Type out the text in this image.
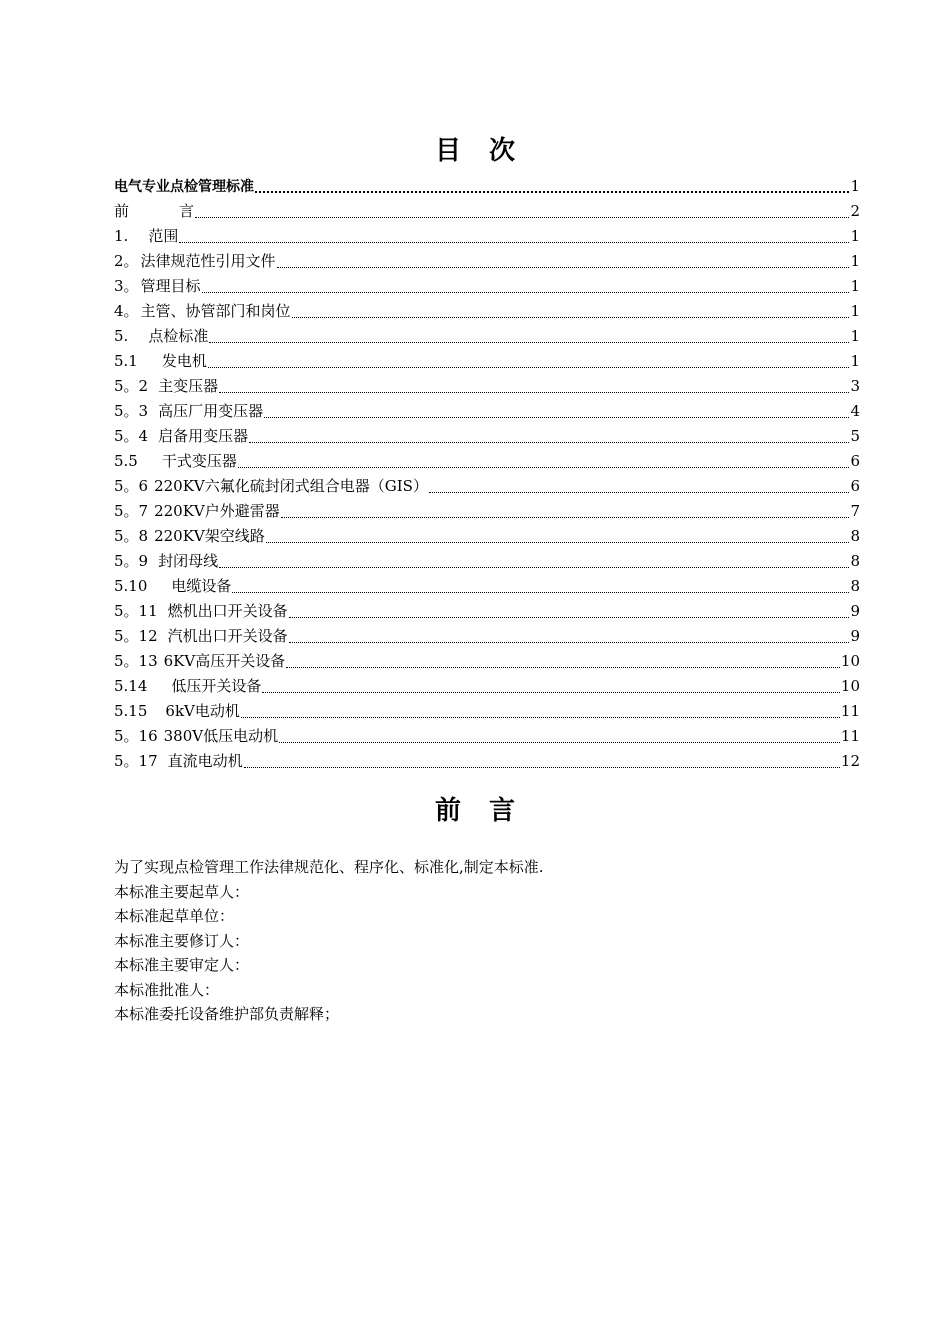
目 次
电气专业点检管理标准	1
前	言	2
1. 范围	1
2。 法律规范性引用文件	1
3。 管理目标	1
4。 主管、协管部门和岗位	1
5. 点检标准	1
5.1 发电机	1
5。2 主变压器	3
5。3 高压厂用变压器	4
5。4 启备用变压器	5
5.5 干式变压器	6
5。6 220KV六氟化硫封闭式组合电器（GIS）	6
5。7 220KV户外避雷器	7
5。8 220KV架空线路	8
5。9 封闭母线	8
5.10 电缆设备	8
5。11 燃机出口开关设备	9
5。12 汽机出口开关设备	9
5。13 6KV高压开关设备	10
5.14 低压开关设备	10
5.15 6kV电动机	11
5。16 380V低压电动机	11
5。17 直流电动机	12
前 言

为了实现点检管理工作法律规范化、程序化、标准化,制定本标准.

本标准主要起草人：

本标准起草单位：

本标准主要修订人：

本标准主要审定人：

本标准批准人：

本标准委托设备维护部负责解释；
